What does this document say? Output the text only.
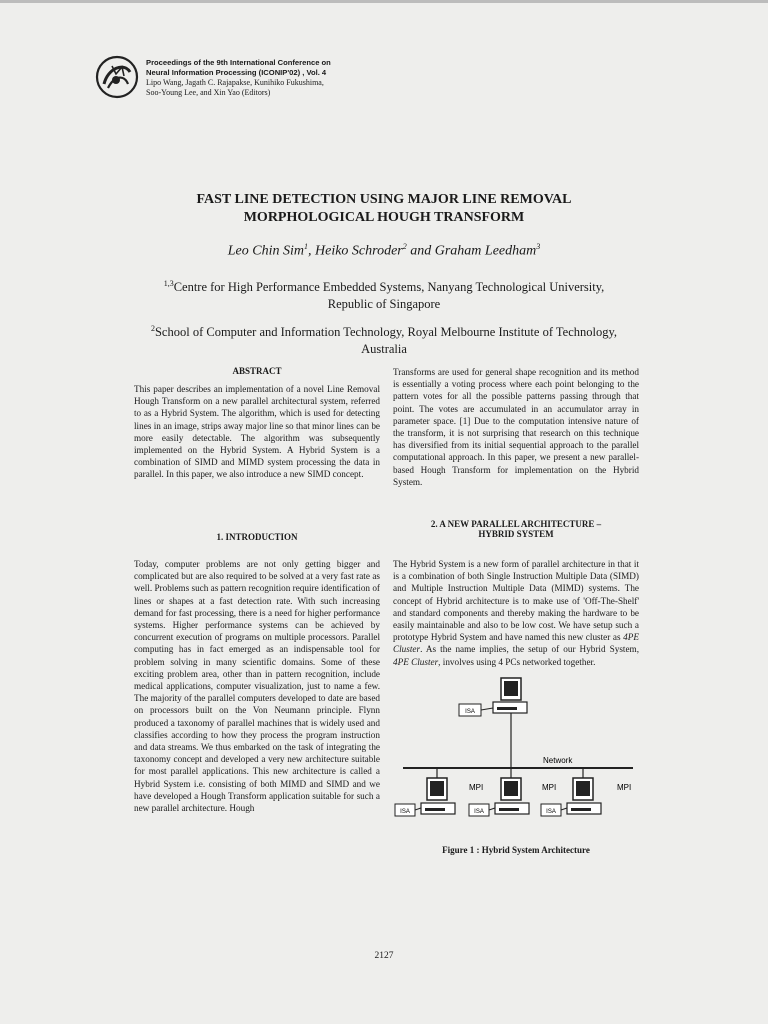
Proceedings of the 9th International Conference on
Neural Information Processing (ICONIP'02) , Vol. 4
Lipo Wang, Jagath C. Rajapakse, Kunihiko Fukushima,
Soo-Young Lee, and Xin Yao (Editors)
FAST LINE DETECTION USING MAJOR LINE REMOVAL
MORPHOLOGICAL HOUGH TRANSFORM
Leo Chin Sim$^1$, Heiko Schroder$^2$ and Graham Leedham$^3$
$^{1,3}$Centre for High Performance Embedded Systems, Nanyang Technological University,
Republic of Singapore
$^2$School of Computer and Information Technology, Royal Melbourne Institute of Technology,
Australia
ABSTRACT
This paper describes an implementation of a novel Line Removal Hough Transform on a new parallel architectural system, referred to as a Hybrid System. The algorithm, which is used for detecting lines in an image, strips away major line so that minor lines can be more easily detectable. The algorithm was subsequently implemented on the Hybrid System. A Hybrid System is a combination of SIMD and MIMD system processing the data in parallel. In this paper, we also introduce a new SIMD concept.
1. INTRODUCTION
Today, computer problems are not only getting bigger and complicated but are also required to be solved at a very fast rate as well. Problems such as pattern recognition require identification of lines or shapes at a fast detection rate. With such increasing demand for fast processing, there is a need for higher performance systems. Higher performance systems can be achieved by concurrent execution of programs on multiple processors. Parallel computing has in fact emerged as an indispensable tool for problem solving in many scientific domains. Some of these exciting problem area, other than in pattern recognition, include medical applications, computer visualization, just to name a few. The majority of the parallel computers developed to date are based on processors built on the Von Neumann principle. Flynn produced a taxonomy of parallel machines that is widely used and classifies according to how they process the program instruction and data streams. We thus embarked on the task of integrating the taxonomy concept and developed a very new architecture suitable for most parallel applications. This new architecture is called a Hybrid System i.e. consisting of both MIMD and SIMD and we have developed a Hough Transform application suitable for such a new parallel architecture. Hough
Transforms are used for general shape recognition and its method is essentially a voting process where each point belonging to the pattern votes for all the possible patterns passing through that point. The votes are accumulated in an accumulator array in parameter space. [1] Due to the computation intensive nature of the transform, it is not surprising that research on this technique has diversified from its initial sequential approach to the parallel computational approach. In this paper, we present a new parallel-based Hough Transform for implementation on the Hybrid System.
2. A NEW PARALLEL ARCHITECTURE –
HYBRID SYSTEM
The Hybrid System is a new form of parallel architecture in that it is a combination of both Single Instruction Multiple Data (SIMD) and Multiple Instruction Multiple Data (MIMD) systems. The concept of Hybrid architecture is to make use of 'Off-The-Shelf' and standard components and thereby making the hardware to be easily maintainable and also to be low cost. We have setup such a prototype Hybrid System and have named this new cluster as 4PE Cluster. As the name implies, the setup of our Hybrid System, 4PE Cluster, involves using 4 PCs networked together.
ISA
Network
ISA
MPI
ISA
MPI
ISA
MPI
Figure 1 : Hybrid System Architecture
2127
